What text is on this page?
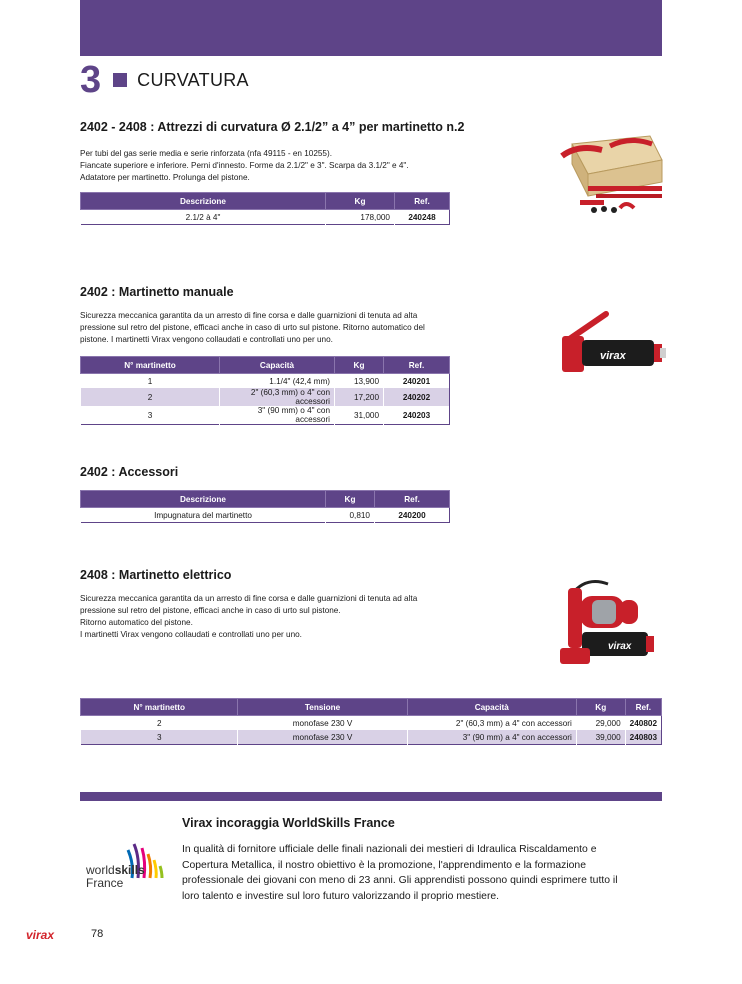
3 CURVATURA
2402 - 2408 : Attrezzi di curvatura Ø 2.1/2” a 4” per martinetto n.2

Per tubi del gas serie media e serie rinforzata (nfa 49115 - en 10255).

Fiancate superiore e inferiore. Perni d'innesto. Forme da 2.1/2" e 3". Scarpa da 3.1/2" e 4".

Adatatore per martinetto. Prolunga del pistone.

Descrizione	Kg	Ref.
2.1/2 à 4"	178,000	240248
2402 : Martinetto manuale

Sicurezza meccanica garantita da un arresto di fine corsa e dalle guarnizioni di tenuta ad alta

pressione sul retro del pistone, efficaci anche in caso di urto sul pistone. Ritorno automatico del

pistone. I martinetti Virax vengono collaudati e controllati uno per uno.

N° martinetto	Capacità	Kg	Ref.
1	1.1/4" (42,4 mm)	13,900	240201
2	2" (60,3 mm) o 4" con accessori	17,200	240202
3	3" (90 mm) o 4" con accessori	31,000	240203
virax
2402 : Accessori
Descrizione	Kg	Ref.
Impugnatura del martinetto	0,810	240200
2408 : Martinetto elettrico

Sicurezza meccanica garantita da un arresto di fine corsa e dalle guarnizioni di tenuta ad alta

pressione sul retro del pistone, efficaci anche in caso di urto sul pistone.

Ritorno automatico del pistone.

I martinetti Virax vengono collaudati e controllati uno per uno.

virax
N° martinetto	Tensione	Capacità	Kg	Ref.
2	monofase 230 V	2" (60,3 mm) a 4" con accessori	29,000	240802
3	monofase 230 V	3" (90 mm) a 4" con accessori	39,000	240803
worldskills
France
Virax incoraggia WorldSkills France
In qualità di fornitore ufficiale delle finali nazionali dei mestieri di Idraulica Riscaldamento e
Copertura Metallica, il nostro obiettivo è la promozione, l'apprendimento e la formazione
professionale dei giovani con meno di 23 anni. Gli apprendisti possono quindi esprimere tutto il
loro talento e investire sul loro futuro valorizzando il proprio mestiere.
virax	78
